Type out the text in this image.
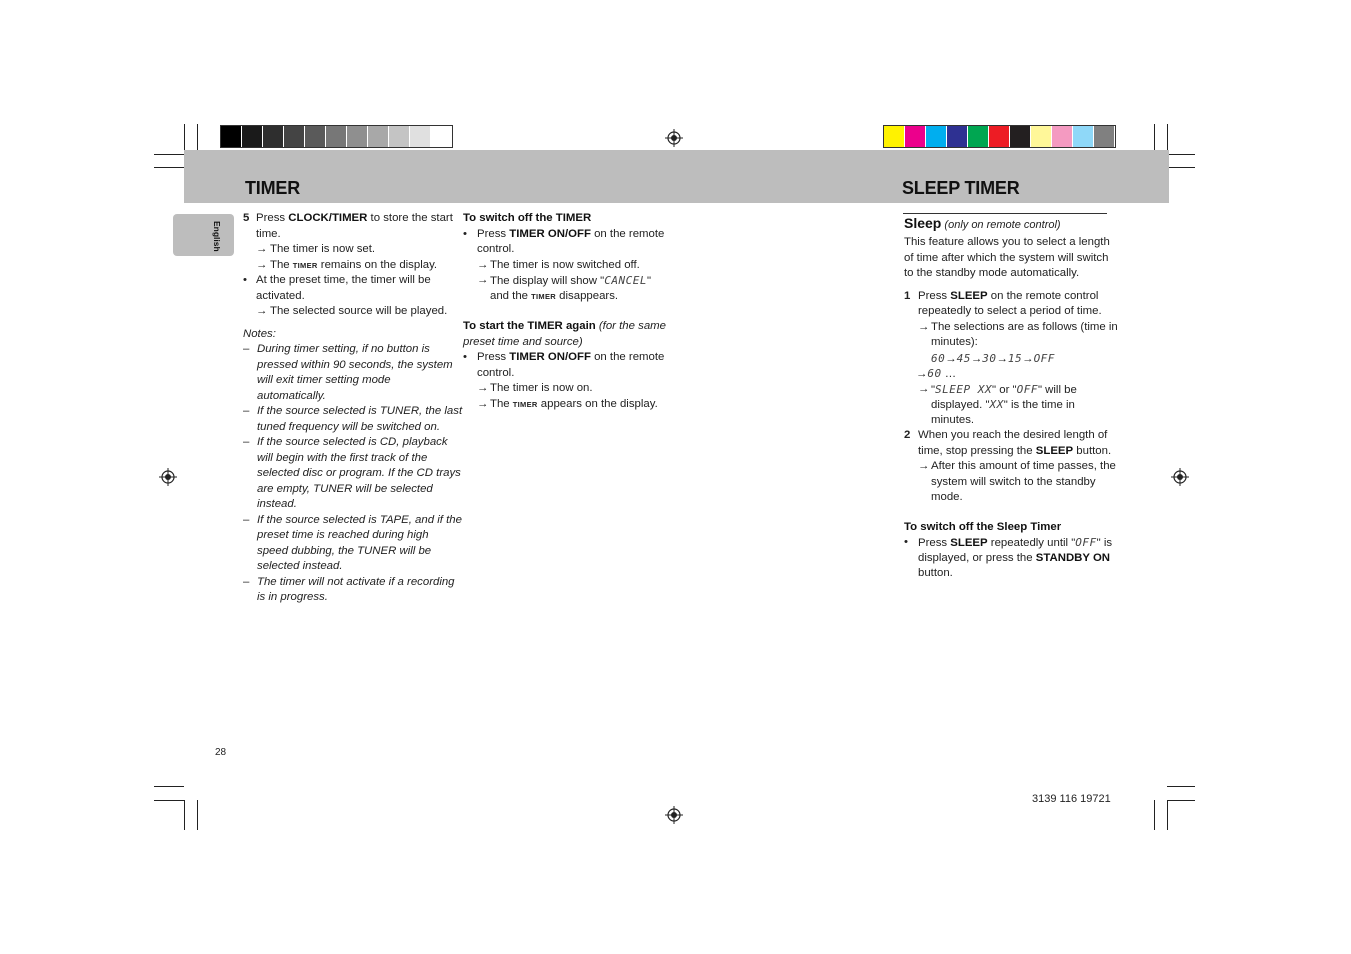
TIMER	SLEEP TIMER
English
5 Press CLOCK/TIMER to store the start
time.
→ The timer is now set.
→ The TIMER remains on the display.
• At the preset time, the timer will be
activated.
→ The selected source will be played.
Notes:
– During timer setting, if no button is
pressed within 90 seconds, the system
will exit timer setting mode
automatically.
– If the source selected is TUNER, the last
tuned frequency will be switched on.
– If the source selected is CD, playback
will begin with the first track of the
selected disc or program. If the CD trays
are empty, TUNER will be selected
instead.
– If the source selected is TAPE, and if the
preset time is reached during high
speed dubbing, the TUNER will be
selected instead.
– The timer will not activate if a recording
is in progress.
To switch off the TIMER
• Press TIMER ON/OFF on the remote
control.
→ The timer is now switched off.
→ The display will show "CANCEL"
and the TIMER disappears.
To start the TIMER again (for the same
preset time and source)
• Press TIMER ON/OFF on the remote
control.
→ The timer is now on.
→ The TIMER appears on the display.
Sleep (only on remote control)
This feature allows you to select a length
of time after which the system will switch
to the standby mode automatically.
1 Press SLEEP on the remote control
repeatedly to select a period of time.
→ The selections are as follows (time in
minutes):
60→45→30→15→OFF
→60 …
→ "SLEEP XX" or "OFF" will be
displayed. "XX" is the time in
minutes.
2 When you reach the desired length of
time, stop pressing the SLEEP button.
→ After this amount of time passes, the
system will switch to the standby
mode.
To switch off the Sleep Timer
• Press SLEEP repeatedly until "OFF" is
displayed, or press the STANDBY ON
button.
28
3139 116 19721
